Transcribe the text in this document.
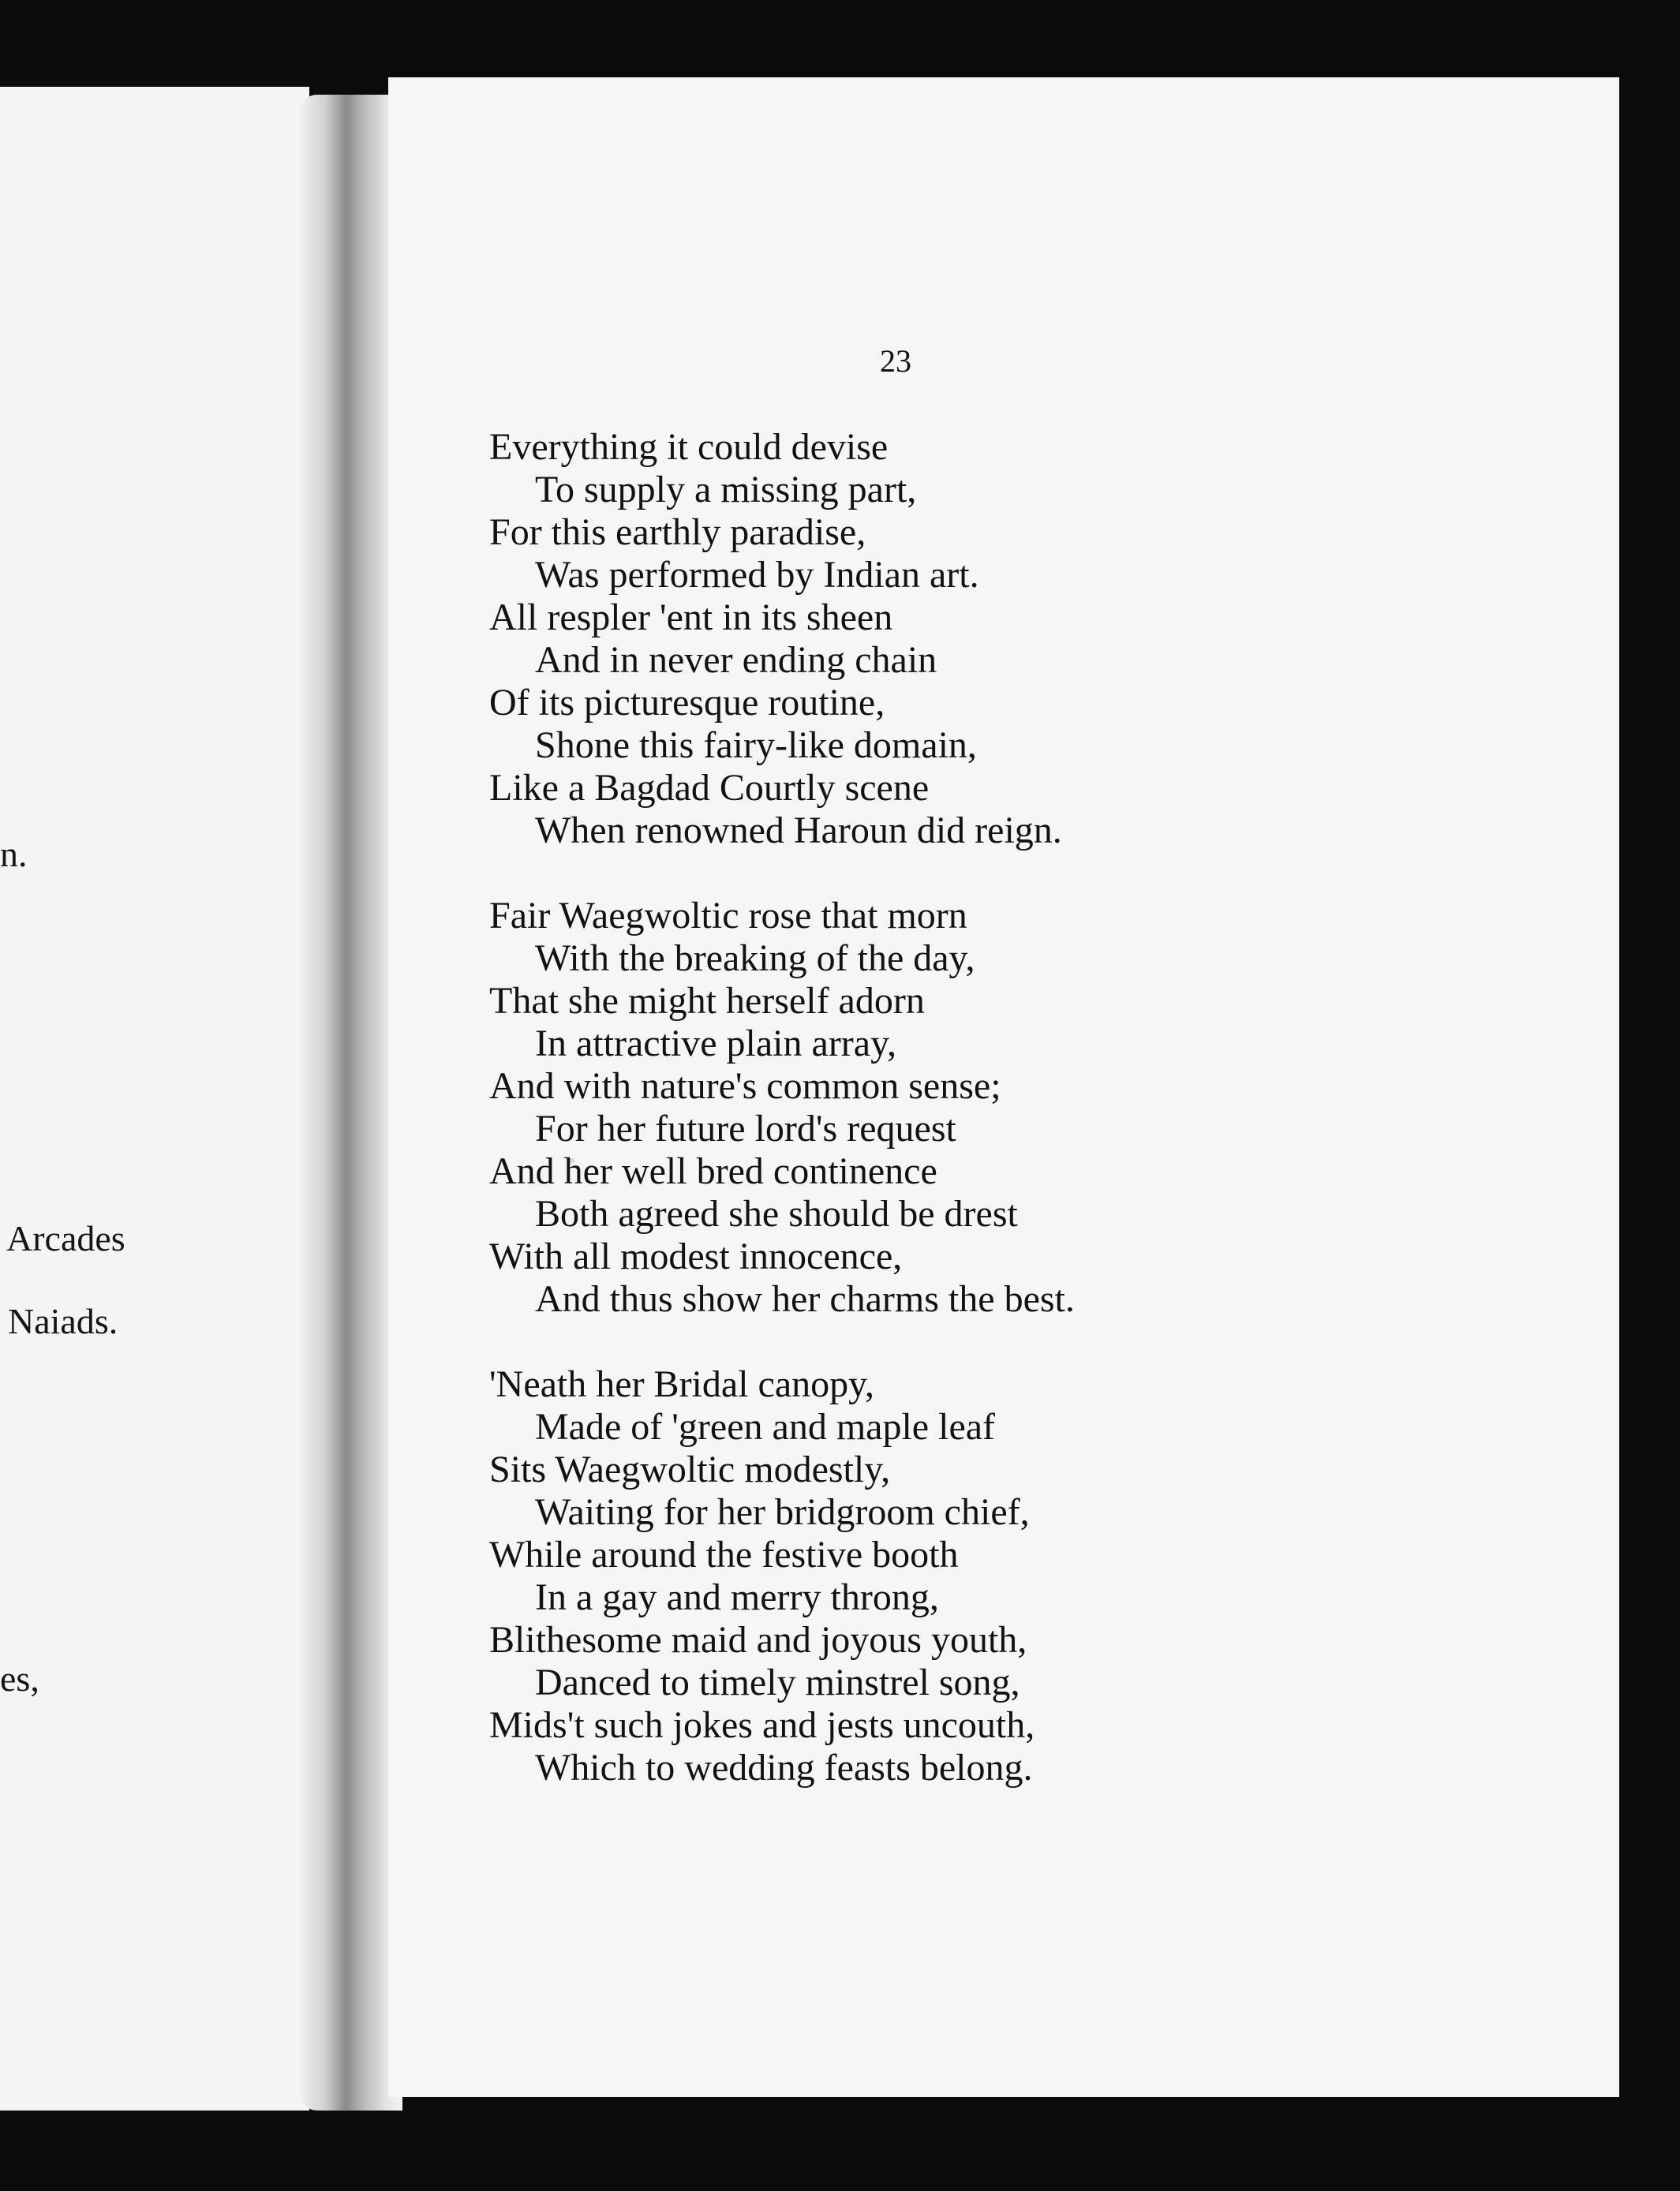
n.
Arcades
Naiads.
es,
23
Everything it could devise
To supply a missing part,
For this earthly paradise,
Was performed by Indian art.
All respler 'ent in its sheen
And in never ending chain
Of its picturesque routine,
Shone this fairy-like domain,
Like a Bagdad Courtly scene
When renowned Haroun did reign.
Fair Waegwoltic rose that morn
With the breaking of the day,
That she might herself adorn
In attractive plain array,
And with nature's common sense;
For her future lord's request
And her well bred continence
Both agreed she should be drest
With all modest innocence,
And thus show her charms the best.
'Neath her Bridal canopy,
Made of 'green and maple leaf
Sits Waegwoltic modestly,
Waiting for her bridgroom chief,
While around the festive booth
In a gay and merry throng,
Blithesome maid and joyous youth,
Danced to timely minstrel song,
Mids't such jokes and jests uncouth,
Which to wedding feasts belong.
